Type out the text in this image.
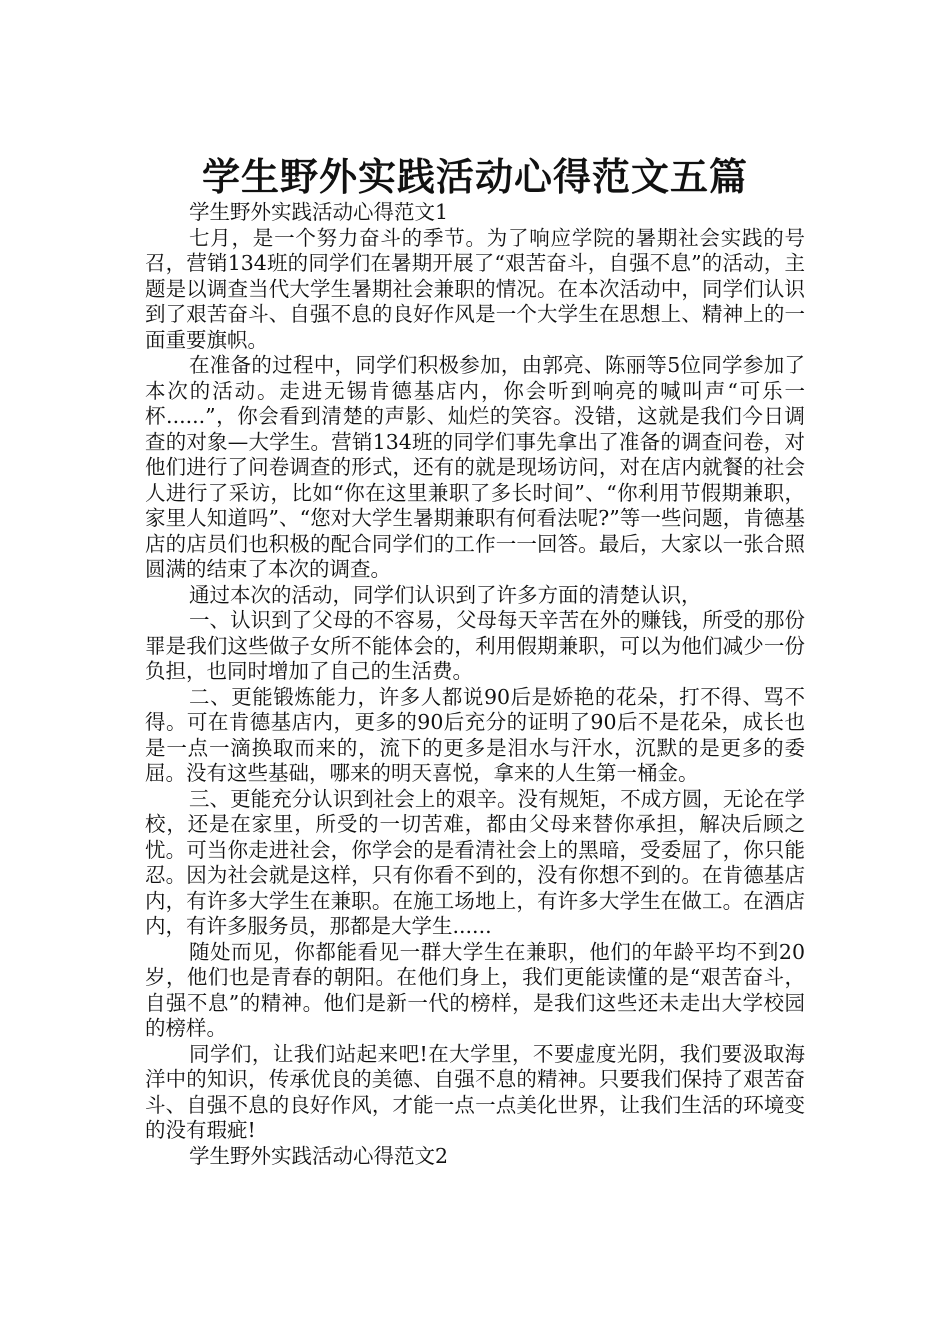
学生野外实践活动心得范文五篇

学生野外实践活动心得范文1

七月，是一个努力奋斗的季节。为了响应学院的暑期社会实践的号召，营销134班的同学们在暑期开展了“艰苦奋斗，自强不息”的活动，主题是以调查当代大学生暑期社会兼职的情况。在本次活动中，同学们认识到了艰苦奋斗、自强不息的良好作风是一个大学生在思想上、精神上的一面重要旗帜。

在准备的过程中，同学们积极参加，由郭亮、陈丽等5位同学参加了本次的活动。走进无锡肯德基店内，你会听到响亮的喊叫声“可乐一杯......”，你会看到清楚的声影、灿烂的笑容。没错，这就是我们今日调查的对象—大学生。营销134班的同学们事先拿出了准备的调查问卷，对他们进行了问卷调查的形式，还有的就是现场访问，对在店内就餐的社会人进行了采访，比如“你在这里兼职了多长时间”、“你利用节假期兼职，家里人知道吗”、“您对大学生暑期兼职有何看法呢?”等一些问题，肯德基店的店员们也积极的配合同学们的工作一一回答。最后，大家以一张合照圆满的结束了本次的调查。

通过本次的活动，同学们认识到了许多方面的清楚认识，

一、认识到了父母的不容易，父母每天辛苦在外的赚钱，所受的那份罪是我们这些做子女所不能体会的，利用假期兼职，可以为他们减少一份负担，也同时增加了自己的生活费。

二、更能锻炼能力，许多人都说90后是娇艳的花朵，打不得、骂不得。可在肯德基店内，更多的90后充分的证明了90后不是花朵，成长也是一点一滴换取而来的，流下的更多是泪水与汗水，沉默的是更多的委屈。没有这些基础，哪来的明天喜悦，拿来的人生第一桶金。

三、更能充分认识到社会上的艰辛。没有规矩，不成方圆，无论在学校，还是在家里，所受的一切苦难，都由父母来替你承担，解决后顾之忧。可当你走进社会，你学会的是看清社会上的黑暗，受委屈了，你只能忍。因为社会就是这样，只有你看不到的，没有你想不到的。在肯德基店内，有许多大学生在兼职。在施工场地上，有许多大学生在做工。在酒店内，有许多服务员，那都是大学生......

随处而见，你都能看见一群大学生在兼职，他们的年龄平均不到20岁，他们也是青春的朝阳。在他们身上，我们更能读懂的是“艰苦奋斗，自强不息”的精神。他们是新一代的榜样，是我们这些还未走出大学校园的榜样。

同学们，让我们站起来吧!在大学里，不要虚度光阴，我们要汲取海洋中的知识，传承优良的美德、自强不息的精神。只要我们保持了艰苦奋斗、自强不息的良好作风，才能一点一点美化世界，让我们生活的环境变的没有瑕疵!

学生野外实践活动心得范文2
